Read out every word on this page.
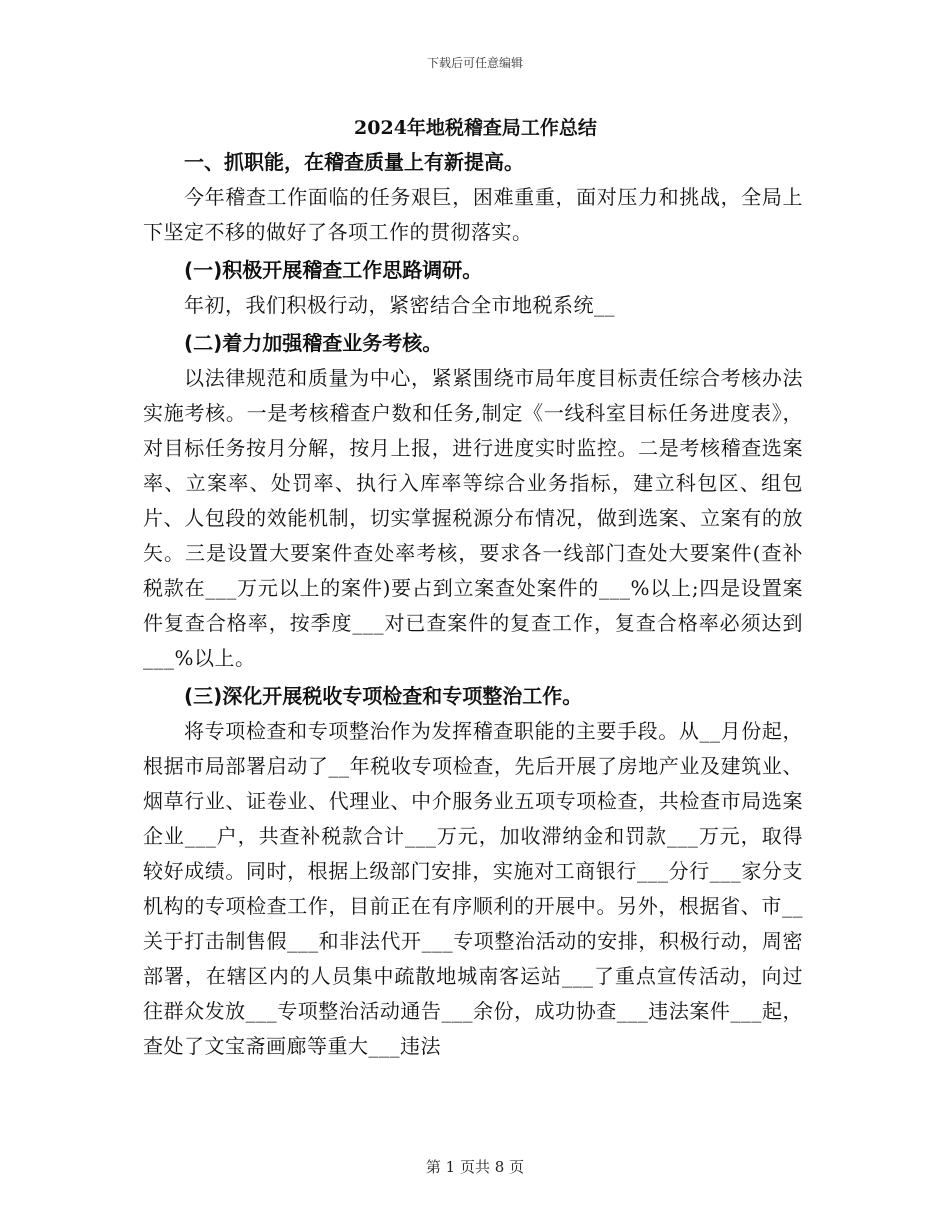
下载后可任意编辑
2024年地税稽查局工作总结
一、抓职能，在稽查质量上有新提高。
今年稽查工作面临的任务艰巨，困难重重，面对压力和挑战，全局上下坚定不移的做好了各项工作的贯彻落实。
(一)积极开展稽查工作思路调研。
年初，我们积极行动，紧密结合全市地税系统__
(二)着力加强稽查业务考核。
以法律规范和质量为中心，紧紧围绕市局年度目标责任综合考核办法实施考核。一是考核稽查户数和任务,制定《一线科室目标任务进度表》，对目标任务按月分解，按月上报，进行进度实时监控。二是考核稽查选案率、立案率、处罚率、执行入库率等综合业务指标，建立科包区、组包片、人包段的效能机制，切实掌握税源分布情况，做到选案、立案有的放矢。三是设置大要案件查处率考核，要求各一线部门查处大要案件(查补税款在___万元以上的案件)要占到立案查处案件的___%以上;四是设置案件复查合格率，按季度___对已查案件的复查工作，复查合格率必须达到___%以上。
(三)深化开展税收专项检查和专项整治工作。
将专项检查和专项整治作为发挥稽查职能的主要手段。从__月份起，根据市局部署启动了__年税收专项检查，先后开展了房地产业及建筑业、烟草行业、证卷业、代理业、中介服务业五项专项检查，共检查市局选案企业___户，共查补税款合计___万元，加收滞纳金和罚款___万元，取得较好成绩。同时，根据上级部门安排，实施对工商银行___分行___家分支机构的专项检查工作，目前正在有序顺利的开展中。另外，根据省、市__关于打击制售假___和非法代开___专项整治活动的安排，积极行动，周密部署，在辖区内的人员集中疏散地城南客运站___了重点宣传活动，向过往群众发放___专项整治活动通告___余份，成功协查___违法案件___起，查处了文宝斋画廊等重大___违法
第 1 页共 8 页
